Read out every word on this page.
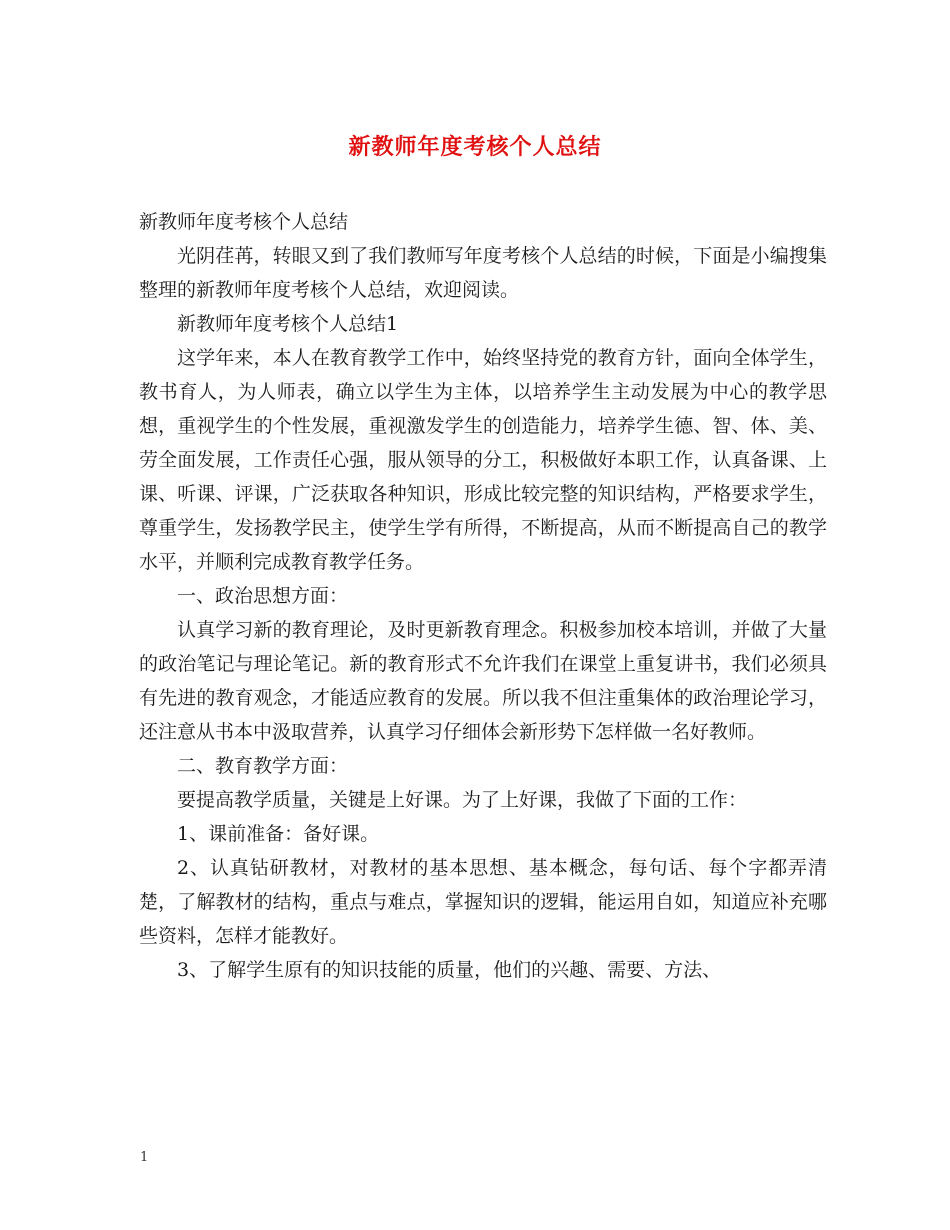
新教师年度考核个人总结

新教师年度考核个人总结

光阴荏苒，转眼又到了我们教师写年度考核个人总结的时候，下面是小编搜集整理的新教师年度考核个人总结，欢迎阅读。

新教师年度考核个人总结1

这学年来，本人在教育教学工作中，始终坚持党的教育方针，面向全体学生，教书育人，为人师表，确立以学生为主体，以培养学生主动发展为中心的教学思想，重视学生的个性发展，重视激发学生的创造能力，培养学生德、智、体、美、劳全面发展，工作责任心强，服从领导的分工，积极做好本职工作，认真备课、上课、听课、评课，广泛获取各种知识，形成比较完整的知识结构，严格要求学生，尊重学生，发扬教学民主，使学生学有所得，不断提高，从而不断提高自己的教学水平，并顺利完成教育教学任务。

一、政治思想方面：

认真学习新的教育理论，及时更新教育理念。积极参加校本培训，并做了大量的政治笔记与理论笔记。新的教育形式不允许我们在课堂上重复讲书，我们必须具有先进的教育观念，才能适应教育的发展。所以我不但注重集体的政治理论学习，还注意从书本中汲取营养，认真学习仔细体会新形势下怎样做一名好教师。

二、教育教学方面：

要提高教学质量，关键是上好课。为了上好课，我做了下面的工作：

1、课前准备：备好课。

2、认真钻研教材，对教材的基本思想、基本概念，每句话、每个字都弄清楚，了解教材的结构，重点与难点，掌握知识的逻辑，能运用自如，知道应补充哪些资料，怎样才能教好。

3、了解学生原有的知识技能的质量，他们的兴趣、需要、方法、

1
